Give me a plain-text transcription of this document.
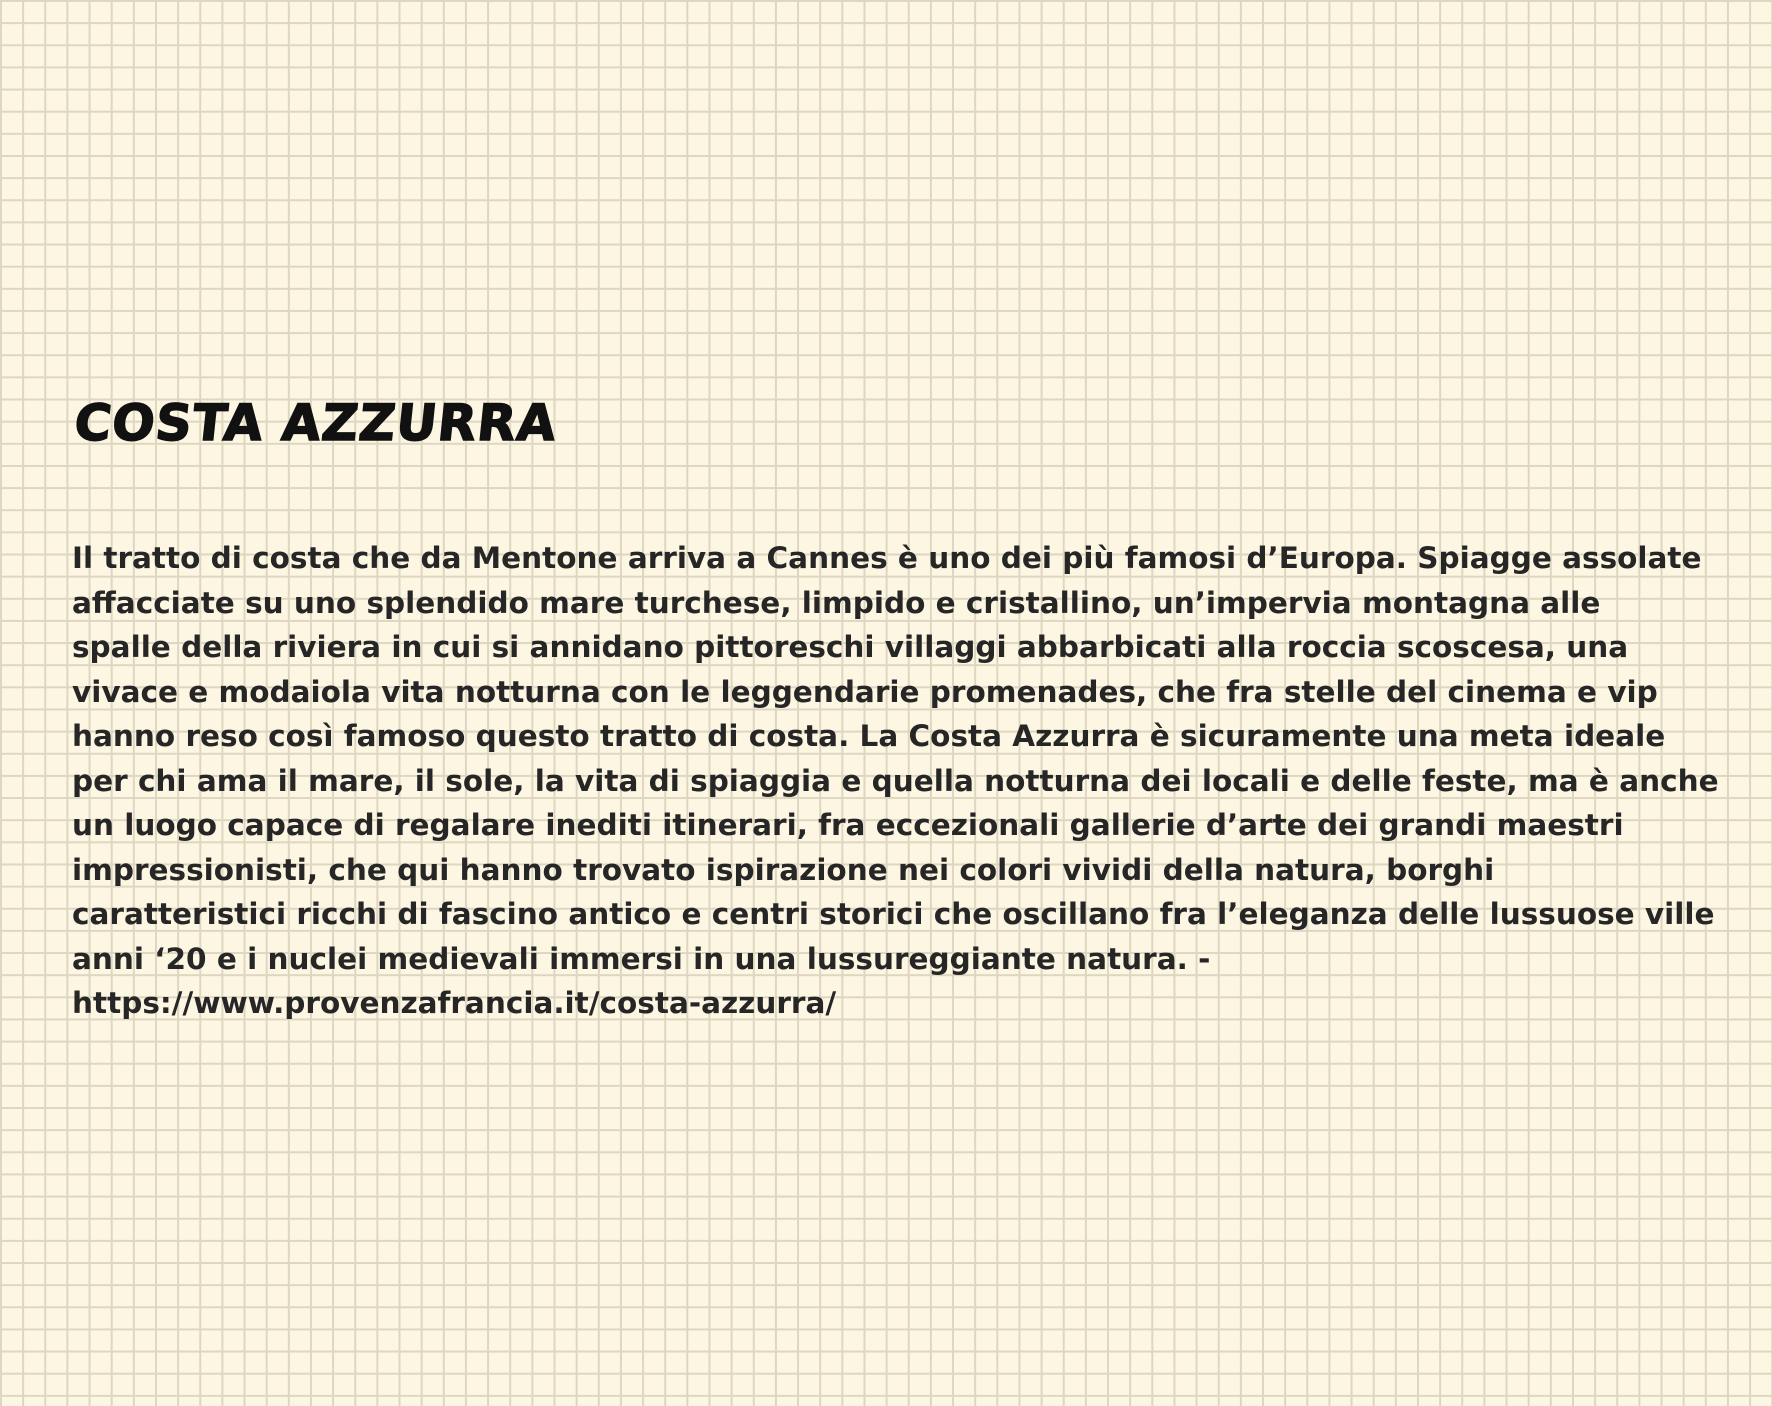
COSTA AZZURRA
Il tratto di costa che da Mentone arriva a Cannes è uno dei più famosi d’Europa. Spiagge assolate
affacciate su uno splendido mare turchese, limpido e cristallino, un’impervia montagna alle
spalle della riviera in cui si annidano pittoreschi villaggi abbarbicati alla roccia scoscesa, una
vivace e modaiola vita notturna con le leggendarie promenades, che fra stelle del cinema e vip
hanno reso così famoso questo tratto di costa. La Costa Azzurra è sicuramente una meta ideale
per chi ama il mare, il sole, la vita di spiaggia e quella notturna dei locali e delle feste, ma è anche
un luogo capace di regalare inediti itinerari, fra eccezionali gallerie d’arte dei grandi maestri
impressionisti, che qui hanno trovato ispirazione nei colori vividi della natura, borghi
caratteristici ricchi di fascino antico e centri storici che oscillano fra l’eleganza delle lussuose ville
anni ‘20 e i nuclei medievali immersi in una lussureggiante natura. -
https://www.provenzafrancia.it/costa-azzurra/
